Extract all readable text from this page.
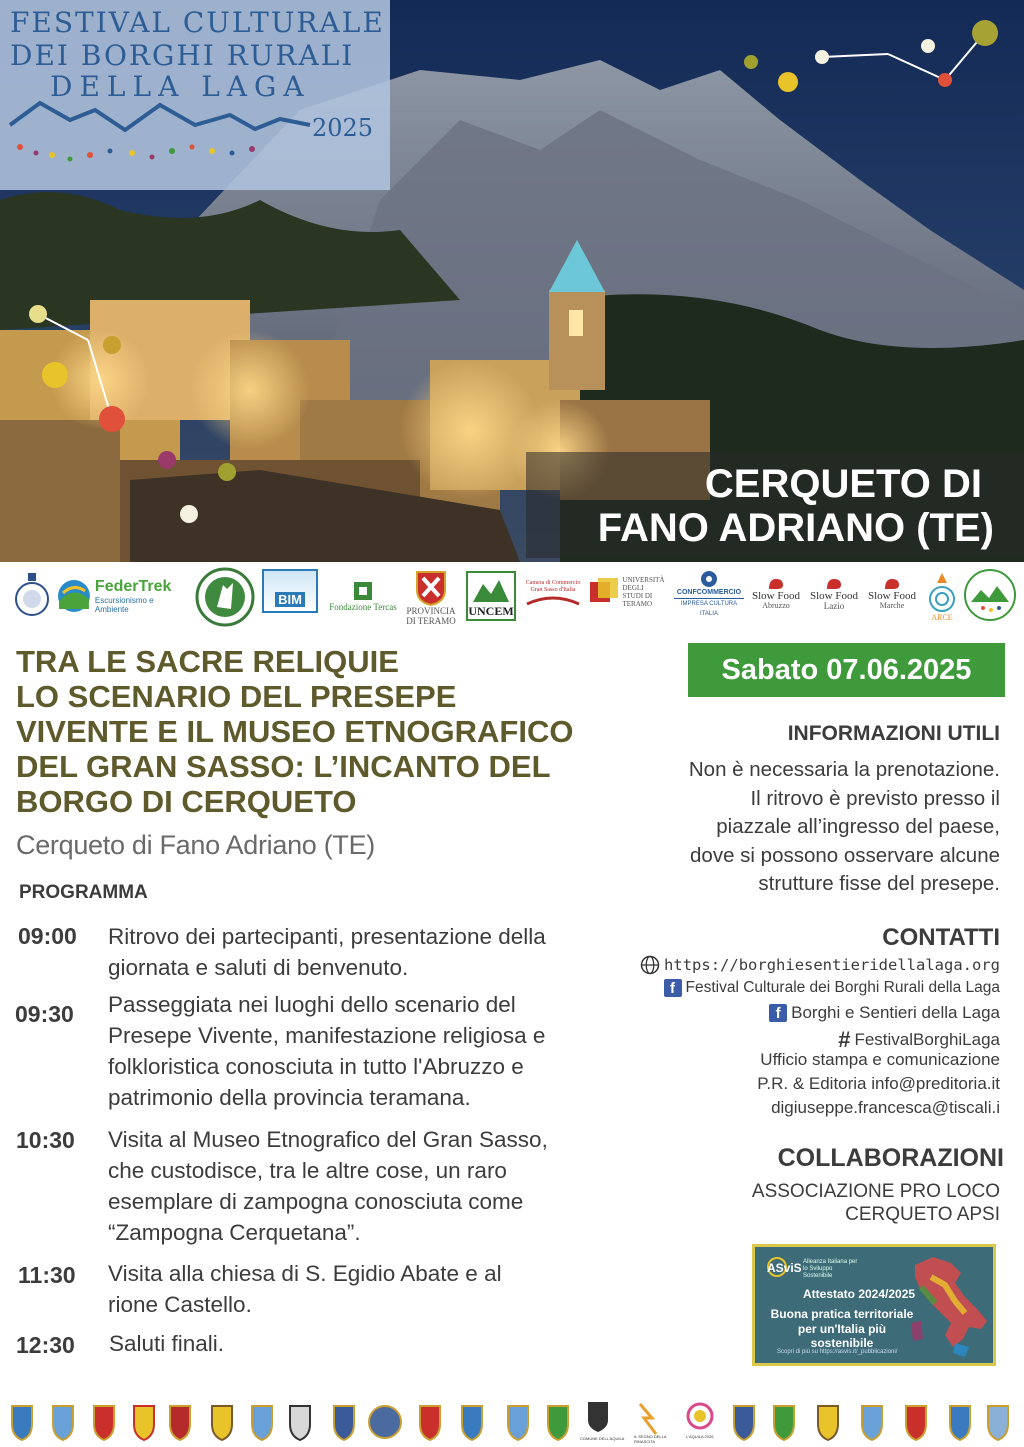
FESTIVAL CULTURALE
DEI BORGHI RURALI
DELLA LAGA
2025
CERQUETO DI
FANO ADRIANO (TE)
FederTrek
Escursionismo e Ambiente
BIM	Fondazione Tercas PROVINCIA DI TERAMO
UNCEM
Camera di Commercio Gran Sasso d'Italia
UNIVERSITÀ DEGLI STUDI DI TERAMO
CONFCOMMERCIO
IMPRESA CULTURA ITALIA
Slow Food
Abruzzo
Slow Food
Lazio
Slow Food
Marche
ARCE
TRA LE SACRE RELIQUIE
LO SCENARIO DEL PRESEPE
VIVENTE E IL MUSEO ETNOGRAFICO
DEL GRAN SASSO: L’INCANTO DEL
BORGO DI CERQUETO
Cerqueto di Fano Adriano (TE)
PROGRAMMA
09:00 Ritrovo dei partecipanti, presentazione della
giornata e saluti di benvenuto.
09:30 Passeggiata nei luoghi dello scenario del
Presepe Vivente, manifestazione religiosa e
folkloristica conosciuta in tutto l'Abruzzo e
patrimonio della provincia teramana.
10:30 Visita al Museo Etnografico del Gran Sasso,
che custodisce, tra le altre cose, un raro
esemplare di zampogna conosciuta come
“Zampogna Cerquetana”.
11:30 Visita alla chiesa di S. Egidio Abate e al
rione Castello.
12:30 Saluti finali.
Sabato 07.06.2025
INFORMAZIONI UTILI
Non è necessaria la prenotazione.
Il ritrovo è previsto presso il
piazzale all’ingresso del paese,
dove si possono osservare alcune
strutture fisse del presepe.
CONTATTI
https://borghiesentieridellalaga.org
f Festival Culturale dei Borghi Rurali della Laga
f Borghi e Sentieri della Laga
# FestivalBorghiLaga
Ufficio stampa e comunicazione
P.R. & Editoria info@preditoria.it
digiuseppe.francesca@tiscali.i
COLLABORAZIONI
ASSOCIAZIONE PRO LOCO
CERQUETO APSI
ASviS Alleanza Italiana per lo Sviluppo Sostenibile
Attestato 2024/2025
Buona pratica territoriale
per un'Italia più sostenibile
Scopri di più su https://asvis.it/_pubblicazioni/
COMUNE DELL'AQUILA IL SEGNO DELLA RINASCITA
L'AQUILA 2026
